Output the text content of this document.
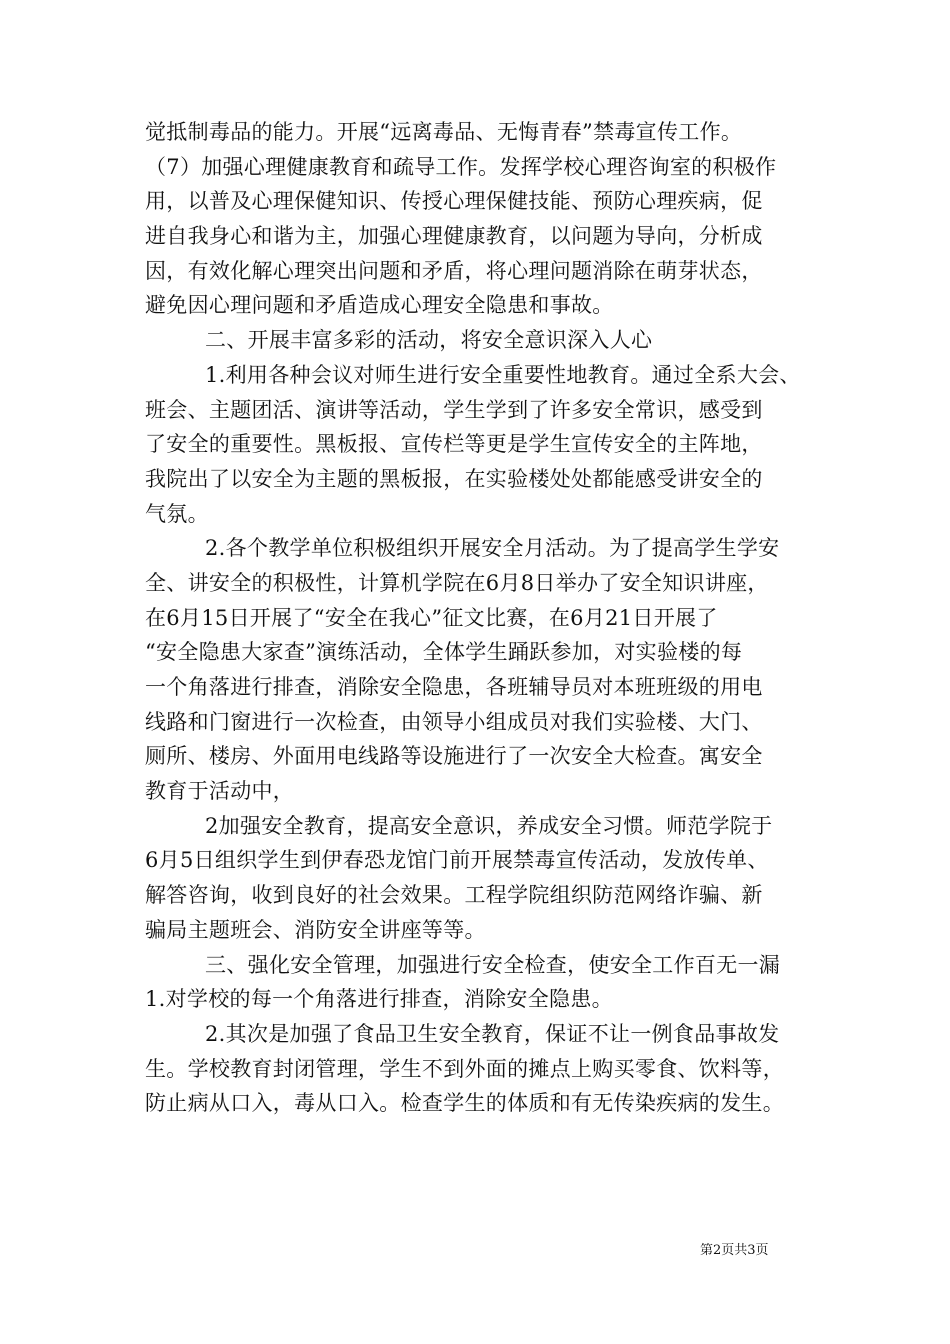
觉抵制毒品的能力。开展“远离毒品、无悔青春”禁毒宣传工作。
（7）加强心理健康教育和疏导工作。发挥学校心理咨询室的积极作
用，以普及心理保健知识、传授心理保健技能、预防心理疾病，促
进自我身心和谐为主，加强心理健康教育，以问题为导向，分析成
因，有效化解心理突出问题和矛盾，将心理问题消除在萌芽状态，
避免因心理问题和矛盾造成心理安全隐患和事故。
二、开展丰富多彩的活动，将安全意识深入人心
1.利用各种会议对师生进行安全重要性地教育。通过全系大会、
班会、主题团活、演讲等活动，学生学到了许多安全常识，感受到
了安全的重要性。黑板报、宣传栏等更是学生宣传安全的主阵地，
我院出了以安全为主题的黑板报，在实验楼处处都能感受讲安全的
气氛。
2.各个教学单位积极组织开展安全月活动。为了提高学生学安
全、讲安全的积极性，计算机学院在6月8日举办了安全知识讲座，
在6月15日开展了“安全在我心”征文比赛，在6月21日开展了
“安全隐患大家查”演练活动，全体学生踊跃参加，对实验楼的每
一个角落进行排查，消除安全隐患，各班辅导员对本班班级的用电
线路和门窗进行一次检查，由领导小组成员对我们实验楼、大门、
厕所、楼房、外面用电线路等设施进行了一次安全大检查。寓安全
教育于活动中，
2加强安全教育，提高安全意识，养成安全习惯。师范学院于
6月5日组织学生到伊春恐龙馆门前开展禁毒宣传活动，发放传单、
解答咨询，收到良好的社会效果。工程学院组织防范网络诈骗、新
骗局主题班会、消防安全讲座等等。
三、强化安全管理，加强进行安全检查，使安全工作百无一漏
1.对学校的每一个角落进行排查，消除安全隐患。
2.其次是加强了食品卫生安全教育，保证不让一例食品事故发
生。学校教育封闭管理，学生不到外面的摊点上购买零食、饮料等，
防止病从口入，毒从口入。检查学生的体质和有无传染疾病的发生。
第2页共3页
